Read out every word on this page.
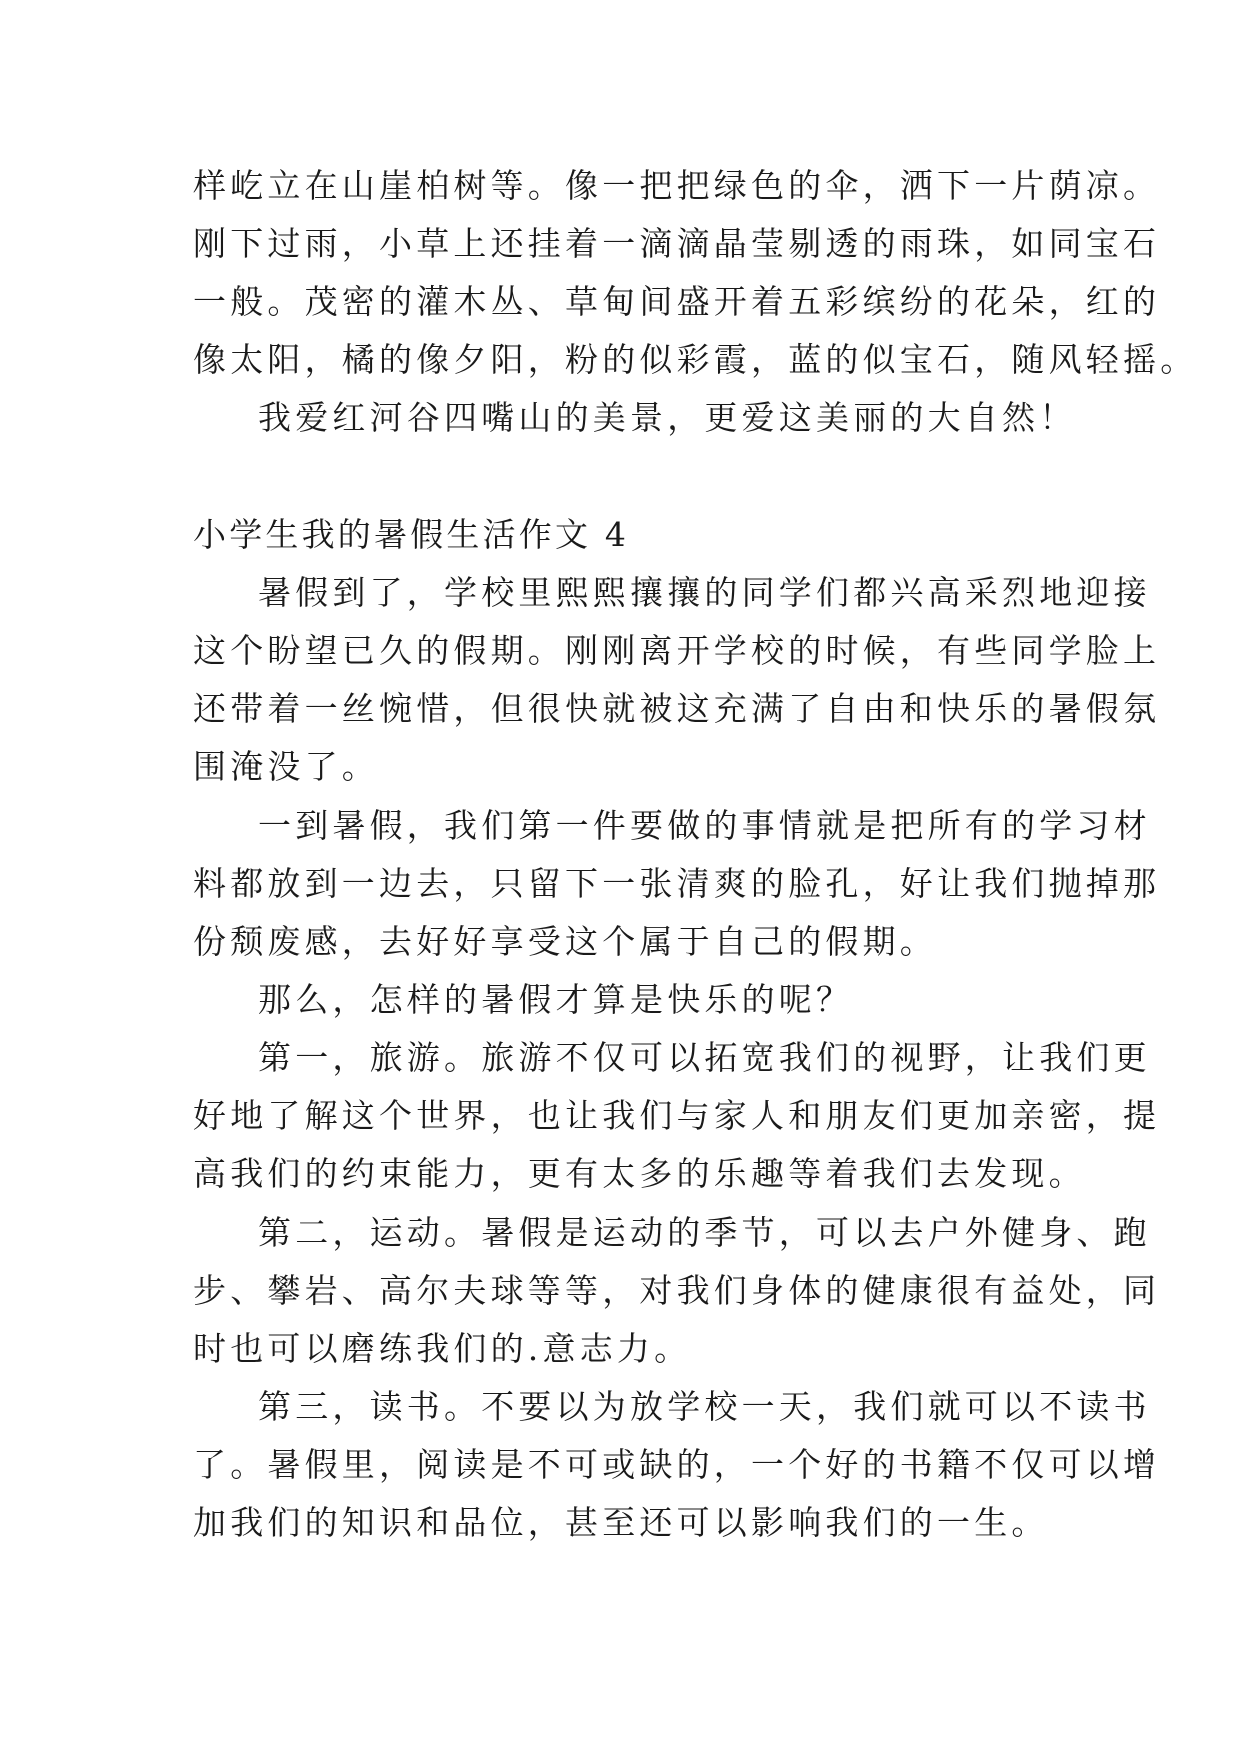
样屹立在山崖柏树等。像一把把绿色的伞，洒下一片荫凉。
刚下过雨，小草上还挂着一滴滴晶莹剔透的雨珠，如同宝石
一般。茂密的灌木丛、草甸间盛开着五彩缤纷的花朵，红的
像太阳，橘的像夕阳，粉的似彩霞，蓝的似宝石，随风轻摇。
我爱红河谷四嘴山的美景，更爱这美丽的大自然！
小学生我的暑假生活作文 4
暑假到了，学校里熙熙攘攘的同学们都兴高采烈地迎接
这个盼望已久的假期。刚刚离开学校的时候，有些同学脸上
还带着一丝惋惜，但很快就被这充满了自由和快乐的暑假氛
围淹没了。
一到暑假，我们第一件要做的事情就是把所有的学习材
料都放到一边去，只留下一张清爽的脸孔，好让我们抛掉那
份颓废感，去好好享受这个属于自己的假期。
那么，怎样的暑假才算是快乐的呢？
第一，旅游。旅游不仅可以拓宽我们的视野，让我们更
好地了解这个世界，也让我们与家人和朋友们更加亲密，提
高我们的约束能力，更有太多的乐趣等着我们去发现。
第二，运动。暑假是运动的季节，可以去户外健身、跑
步、攀岩、高尔夫球等等，对我们身体的健康很有益处，同
时也可以磨练我们的.意志力。
第三，读书。不要以为放学校一天，我们就可以不读书
了。暑假里，阅读是不可或缺的，一个好的书籍不仅可以增
加我们的知识和品位，甚至还可以影响我们的一生。
